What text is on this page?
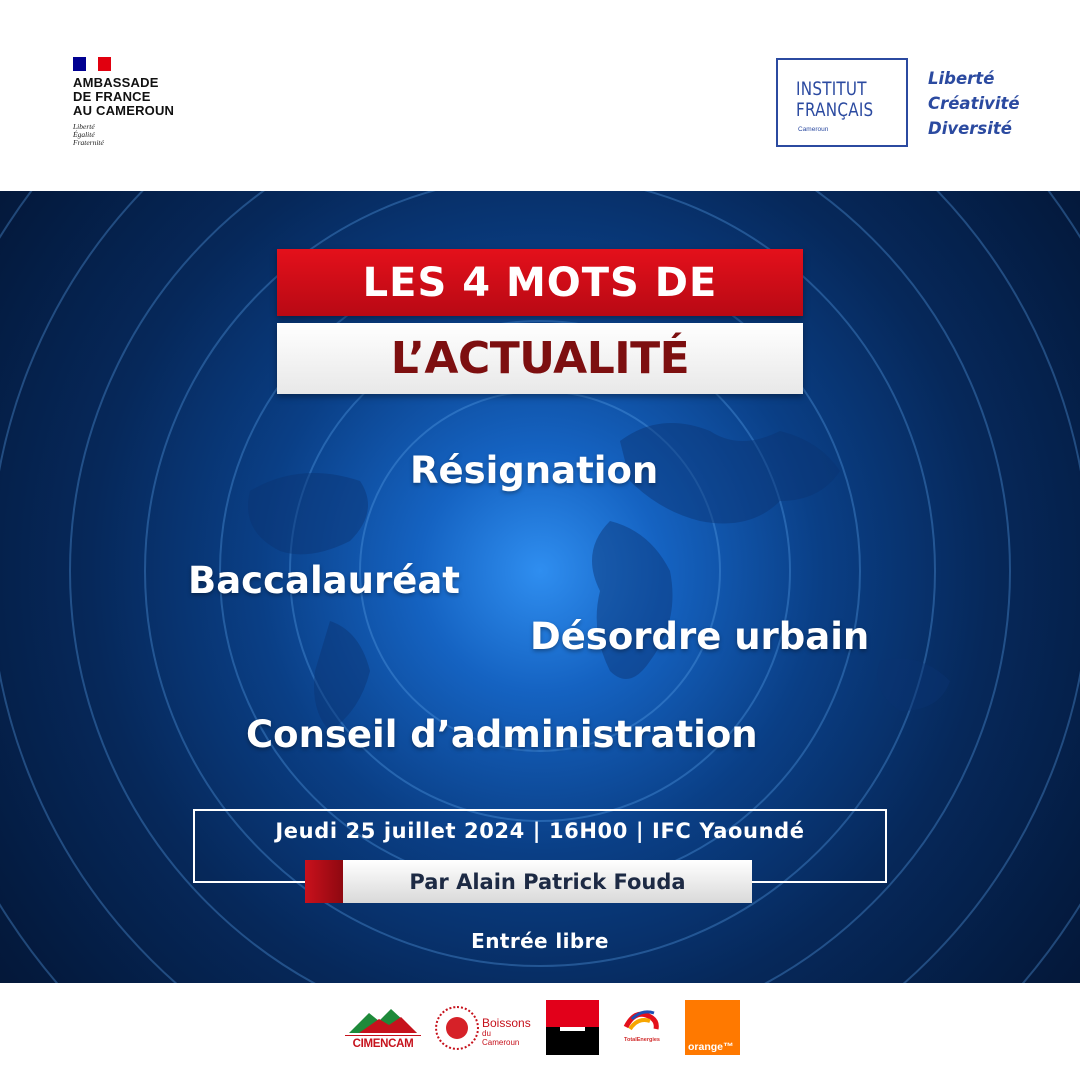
AMBASSADE
DE FRANCE
AU CAMEROUN
Liberté
Égalité
Fraternité
INSTITUT
FRANÇAIS
Cameroun
Liberté
Créativité
Diversité
LES 4 MOTS DE
L’ACTUALITÉ
Résignation
Baccalauréat
Désordre urbain
Conseil d’administration
Jeudi 25 juillet 2024 | 16H00 | IFC Yaoundé
Par Alain Patrick Fouda
Entrée libre
CIMENCAM
Boissons
du Cameroun	TotalEnergies
orange™
